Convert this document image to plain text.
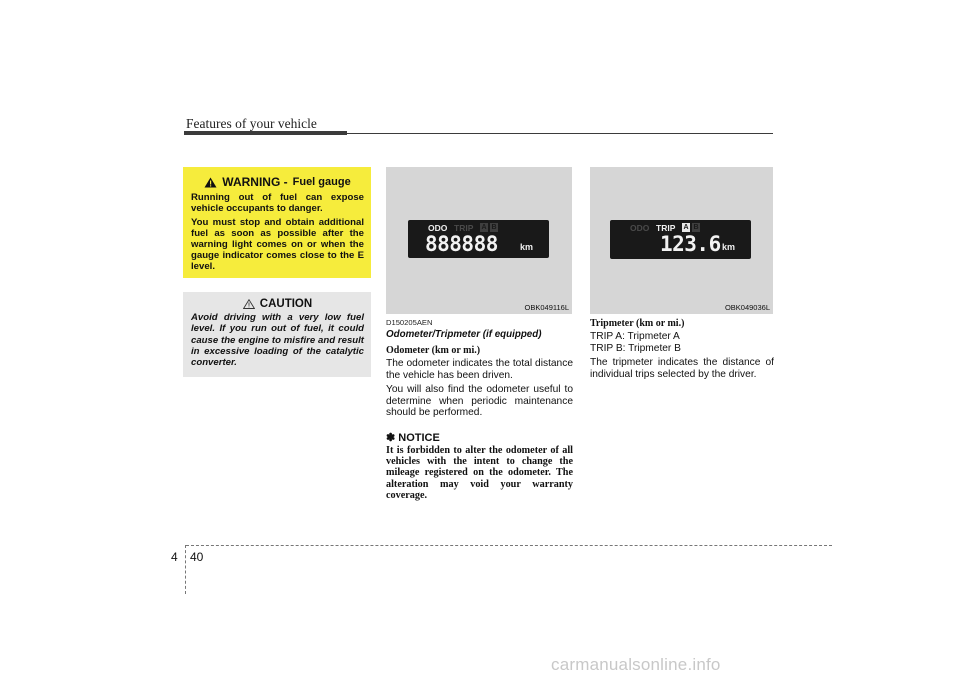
Features of your vehicle
WARNING - Fuel gauge

Running out of fuel can expose vehicle occupants to danger.

You must stop and obtain additional fuel as soon as possible after the warning light comes on or when the gauge indicator comes close to the E level.

CAUTION

Avoid driving with a very low fuel level. If you run out of fuel, it could cause the engine to misfire and result in excessive loading of the catalytic converter.

ODO TRIP A B
888888 km
OBK049116L
ODO TRIP A B
123.6 km
OBK049036L
D150205AEN
Odometer/Tripmeter (if equipped)
Odometer (km or mi.)

The odometer indicates the total distance the vehicle has been driven.

You will also find the odometer useful to determine when periodic maintenance should be performed.

✽ NOTICE

It is forbidden to alter the odometer of all vehicles with the intent to change the mileage registered on the odometer. The alteration may void your warranty coverage.

Tripmeter (km or mi.)

TRIP A: Tripmeter A

TRIP B: Tripmeter B

The tripmeter indicates the distance of individual trips selected by the driver.

4 40
carmanualsonline.info
